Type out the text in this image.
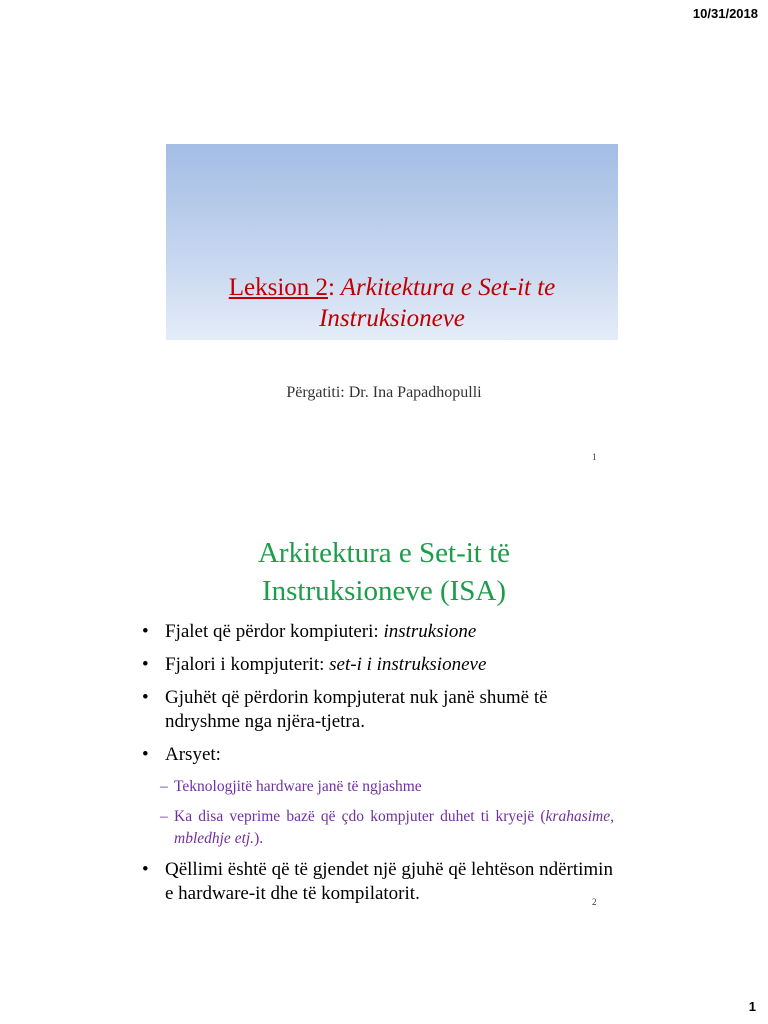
10/31/2018
Leksion 2: Arkitektura e Set-it te
Instruksioneve
Përgatiti: Dr. Ina Papadhopulli
1
Arkitektura e Set-it të
Instruksioneve (ISA)
• Fjalet që përdor kompiuteri: instruksione
• Fjalori i kompjuterit: set-i i instruksioneve
• Gjuhët që përdorin kompjuterat nuk janë shumë të ndryshme nga njëra-tjetra.
• Arsyet:
– Teknologjitë hardware janë të ngjashme
– Ka disa veprime bazë që çdo kompjuter duhet ti kryejë (krahasime, mbledhje etj.).
• Qëllimi është që të gjendet një gjuhë që lehtëson ndërtimin e hardware-it dhe të kompilatorit.	2
1
